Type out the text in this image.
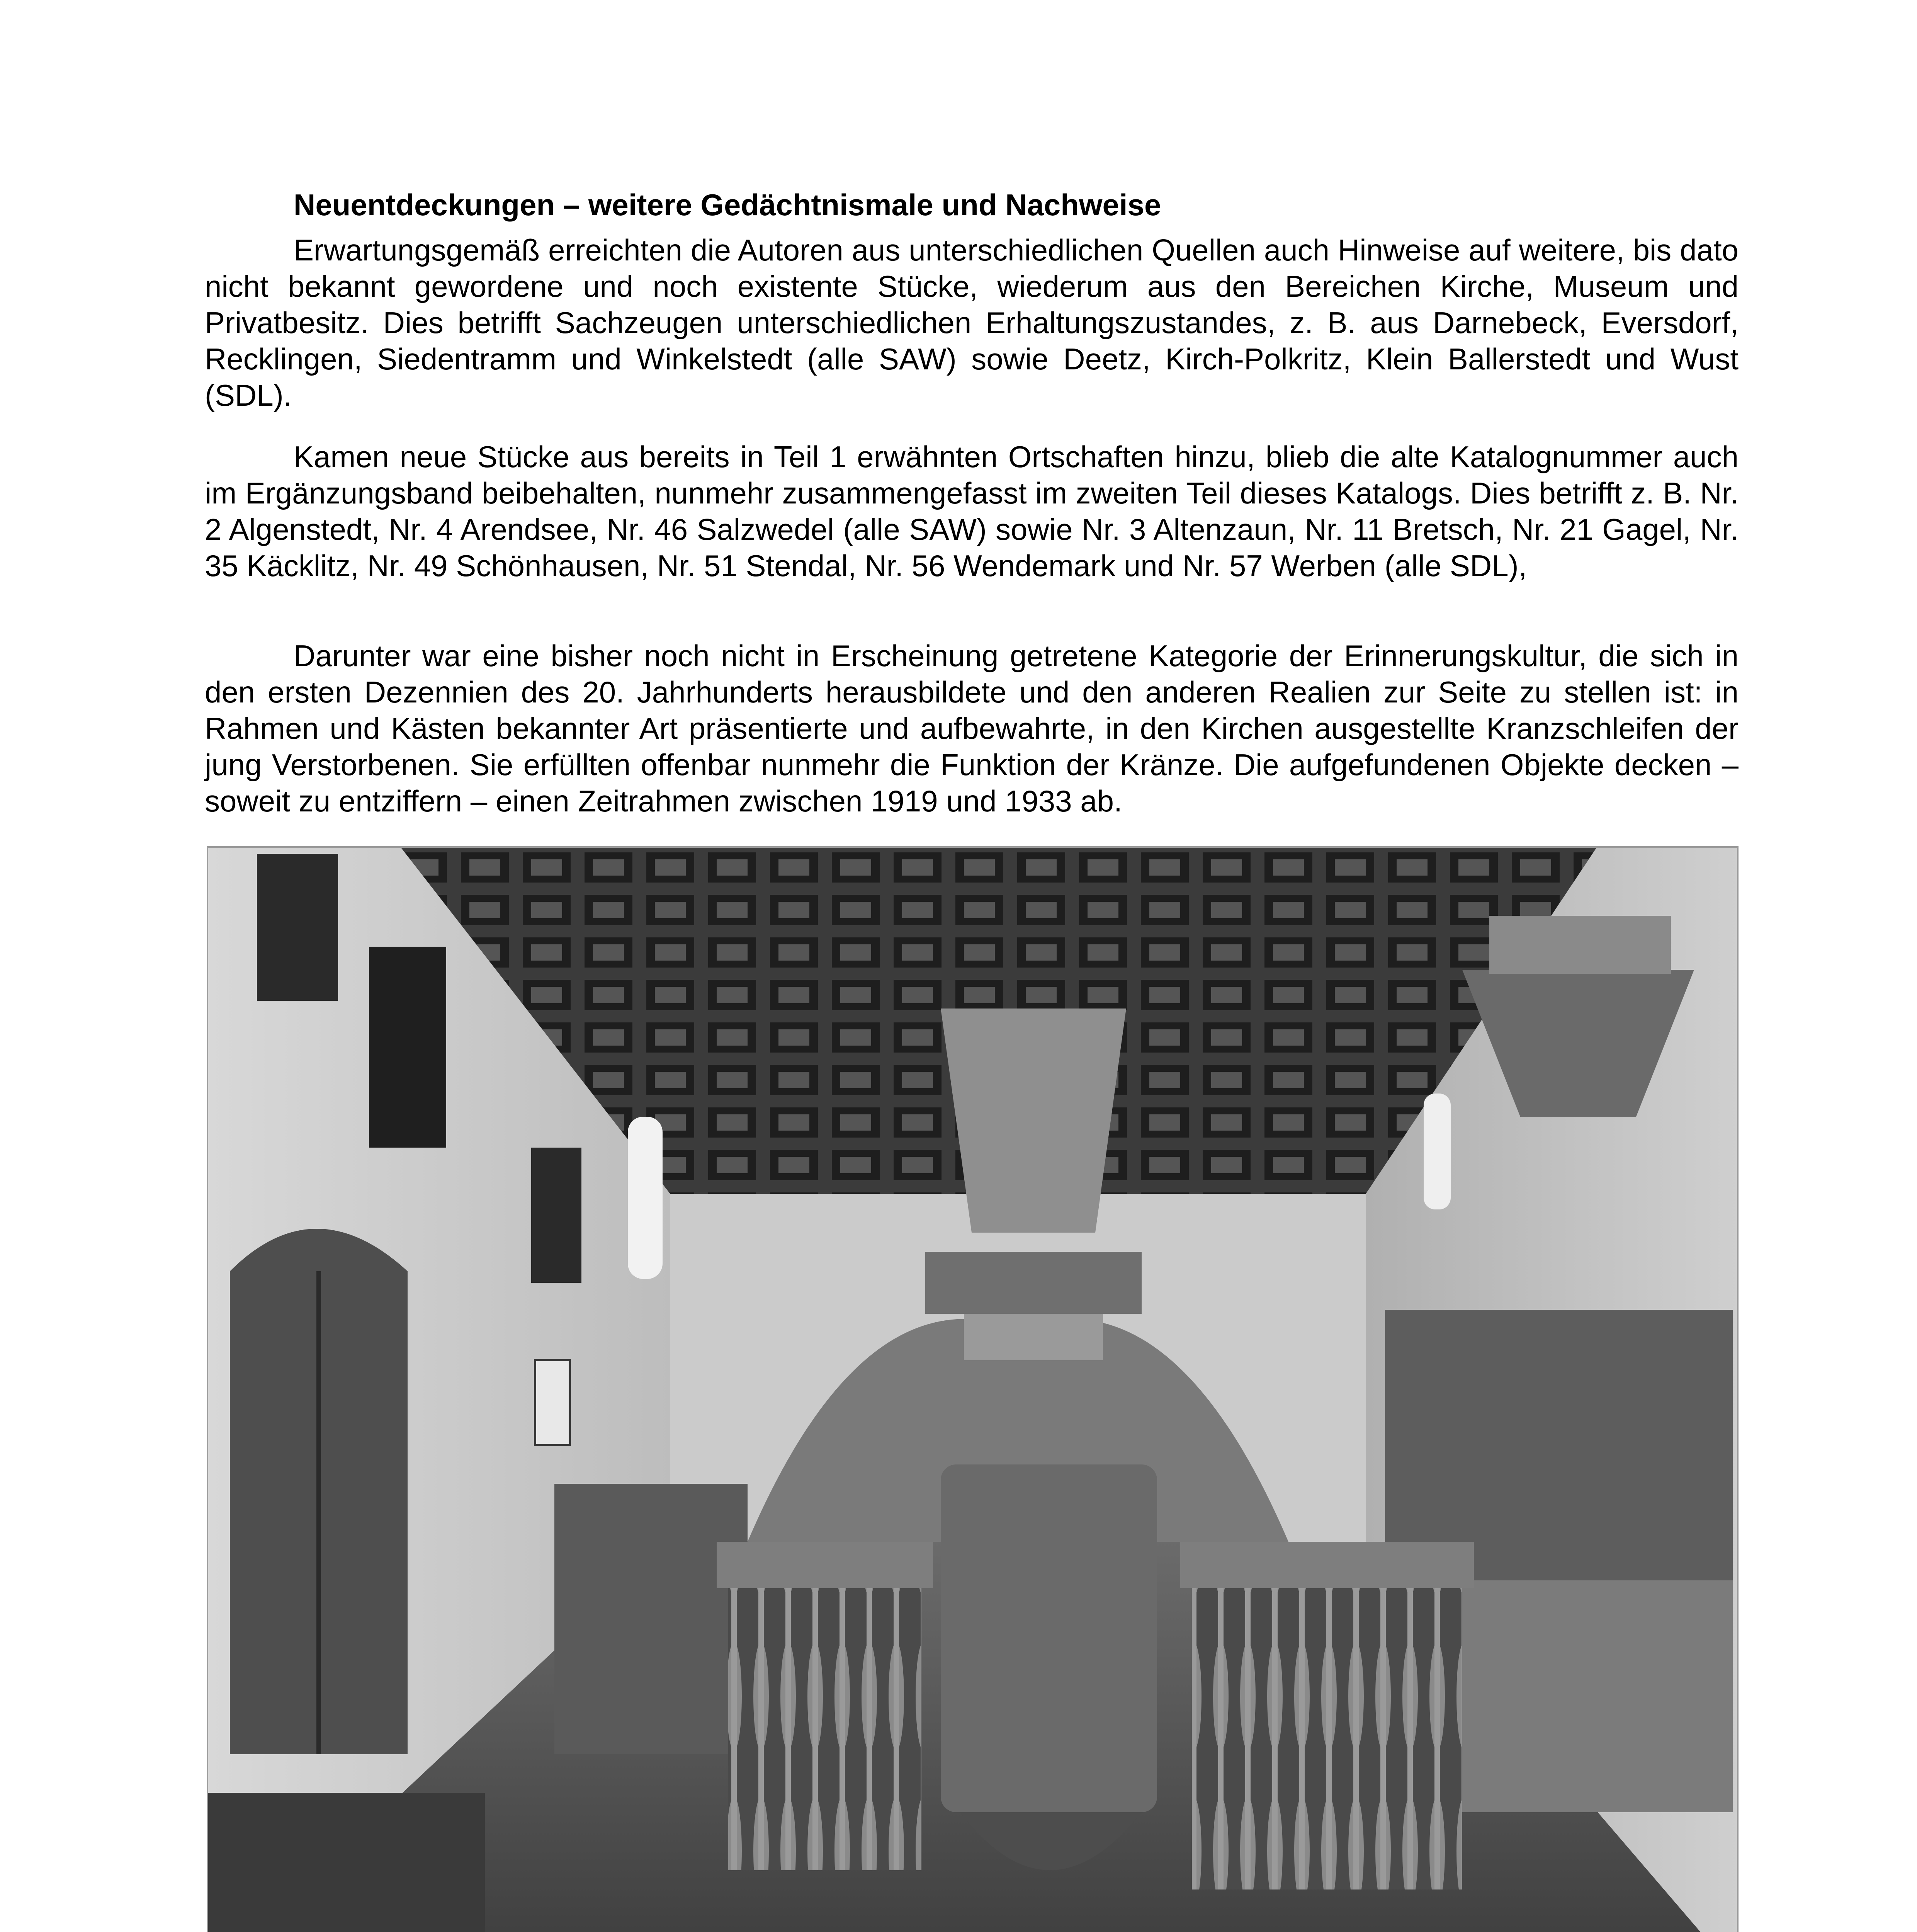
Neuentdeckungen – weitere Gedächtnismale und Nachweise

Erwartungsgemäß erreichten die Autoren aus unterschiedlichen Quellen auch Hinweise auf weitere, bis dato nicht bekannt gewordene und noch existente Stücke, wiederum aus den Bereichen Kirche, Museum und Privatbesitz. Dies betrifft Sachzeugen unterschiedlichen Erhaltungszustandes, z. B. aus Darnebeck, Eversdorf, Recklingen, Siedentramm und Winkelstedt (alle SAW) sowie Deetz, Kirch-Polkritz, Klein Ballerstedt und Wust (SDL).

Kamen neue Stücke aus bereits in Teil 1 erwähnten Ortschaften hinzu, blieb die alte Katalognummer auch im Ergänzungsband beibehalten, nunmehr zusammengefasst im zweiten Teil dieses Katalogs. Dies betrifft z. B. Nr. 2 Algenstedt, Nr. 4 Arendsee, Nr. 46 Salzwedel (alle SAW) sowie Nr. 3 Altenzaun, Nr. 11 Bretsch, Nr. 21 Gagel, Nr. 35 Käcklitz, Nr. 49 Schönhausen, Nr. 51 Stendal, Nr. 56 Wendemark und Nr. 57 Werben (alle SDL),

Darunter war eine bisher noch nicht in Erscheinung getretene Kategorie der Erinnerungskultur, die sich in den ersten Dezennien des 20. Jahrhunderts herausbildete und den anderen Realien zur Seite zu stellen ist: in Rahmen und Kästen bekannter Art präsentierte und aufbewahrte, in den Kirchen ausgestellte Kranzschleifen der jung Verstorbenen. Sie erfüllten offenbar nunmehr die Funktion der Kränze. Die aufgefundenen Objekte decken – soweit zu entziffern – einen Zeitrahmen zwischen 1919 und 1933 ab.
